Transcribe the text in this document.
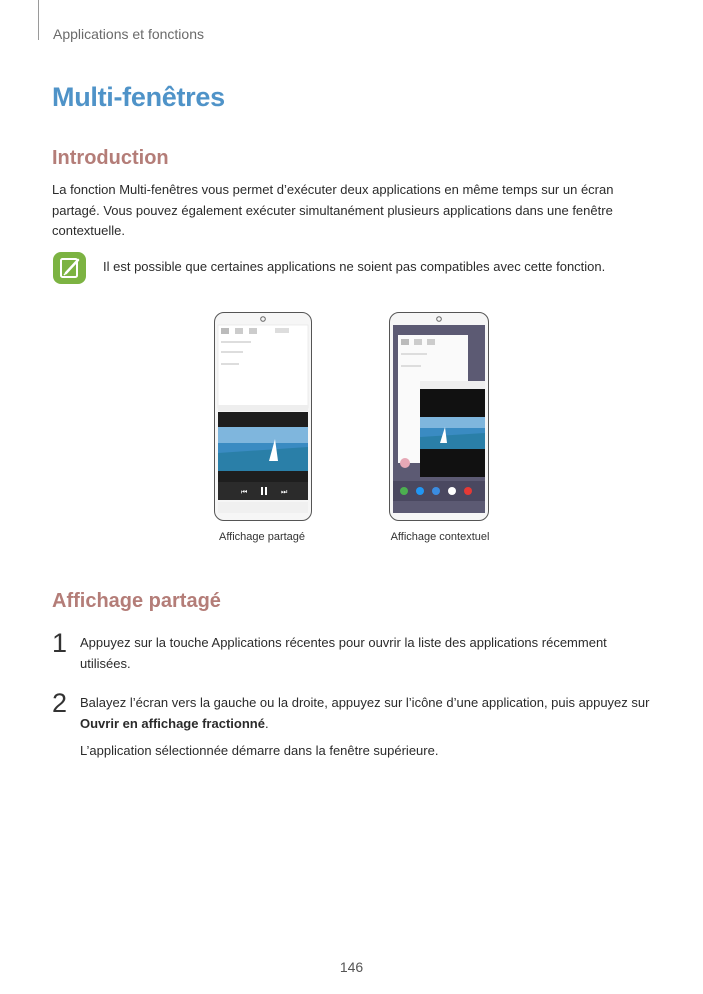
Applications et fonctions
Multi-fenêtres
Introduction
La fonction Multi-fenêtres vous permet d’exécuter deux applications en même temps sur un écran partagé. Vous pouvez également exécuter simultanément plusieurs applications dans une fenêtre contextuelle.
Il est possible que certaines applications ne soient pas compatibles avec cette fonction.
⏮	⏭
Affichage partagé	Affichage contextuel
Affichage partagé
1 Appuyez sur la touche Applications récentes pour ouvrir la liste des applications récemment utilisées.
2 Balayez l’écran vers la gauche ou la droite, appuyez sur l’icône d’une application, puis appuyez sur Ouvrir en affichage fractionné.
L’application sélectionnée démarre dans la fenêtre supérieure.
146
